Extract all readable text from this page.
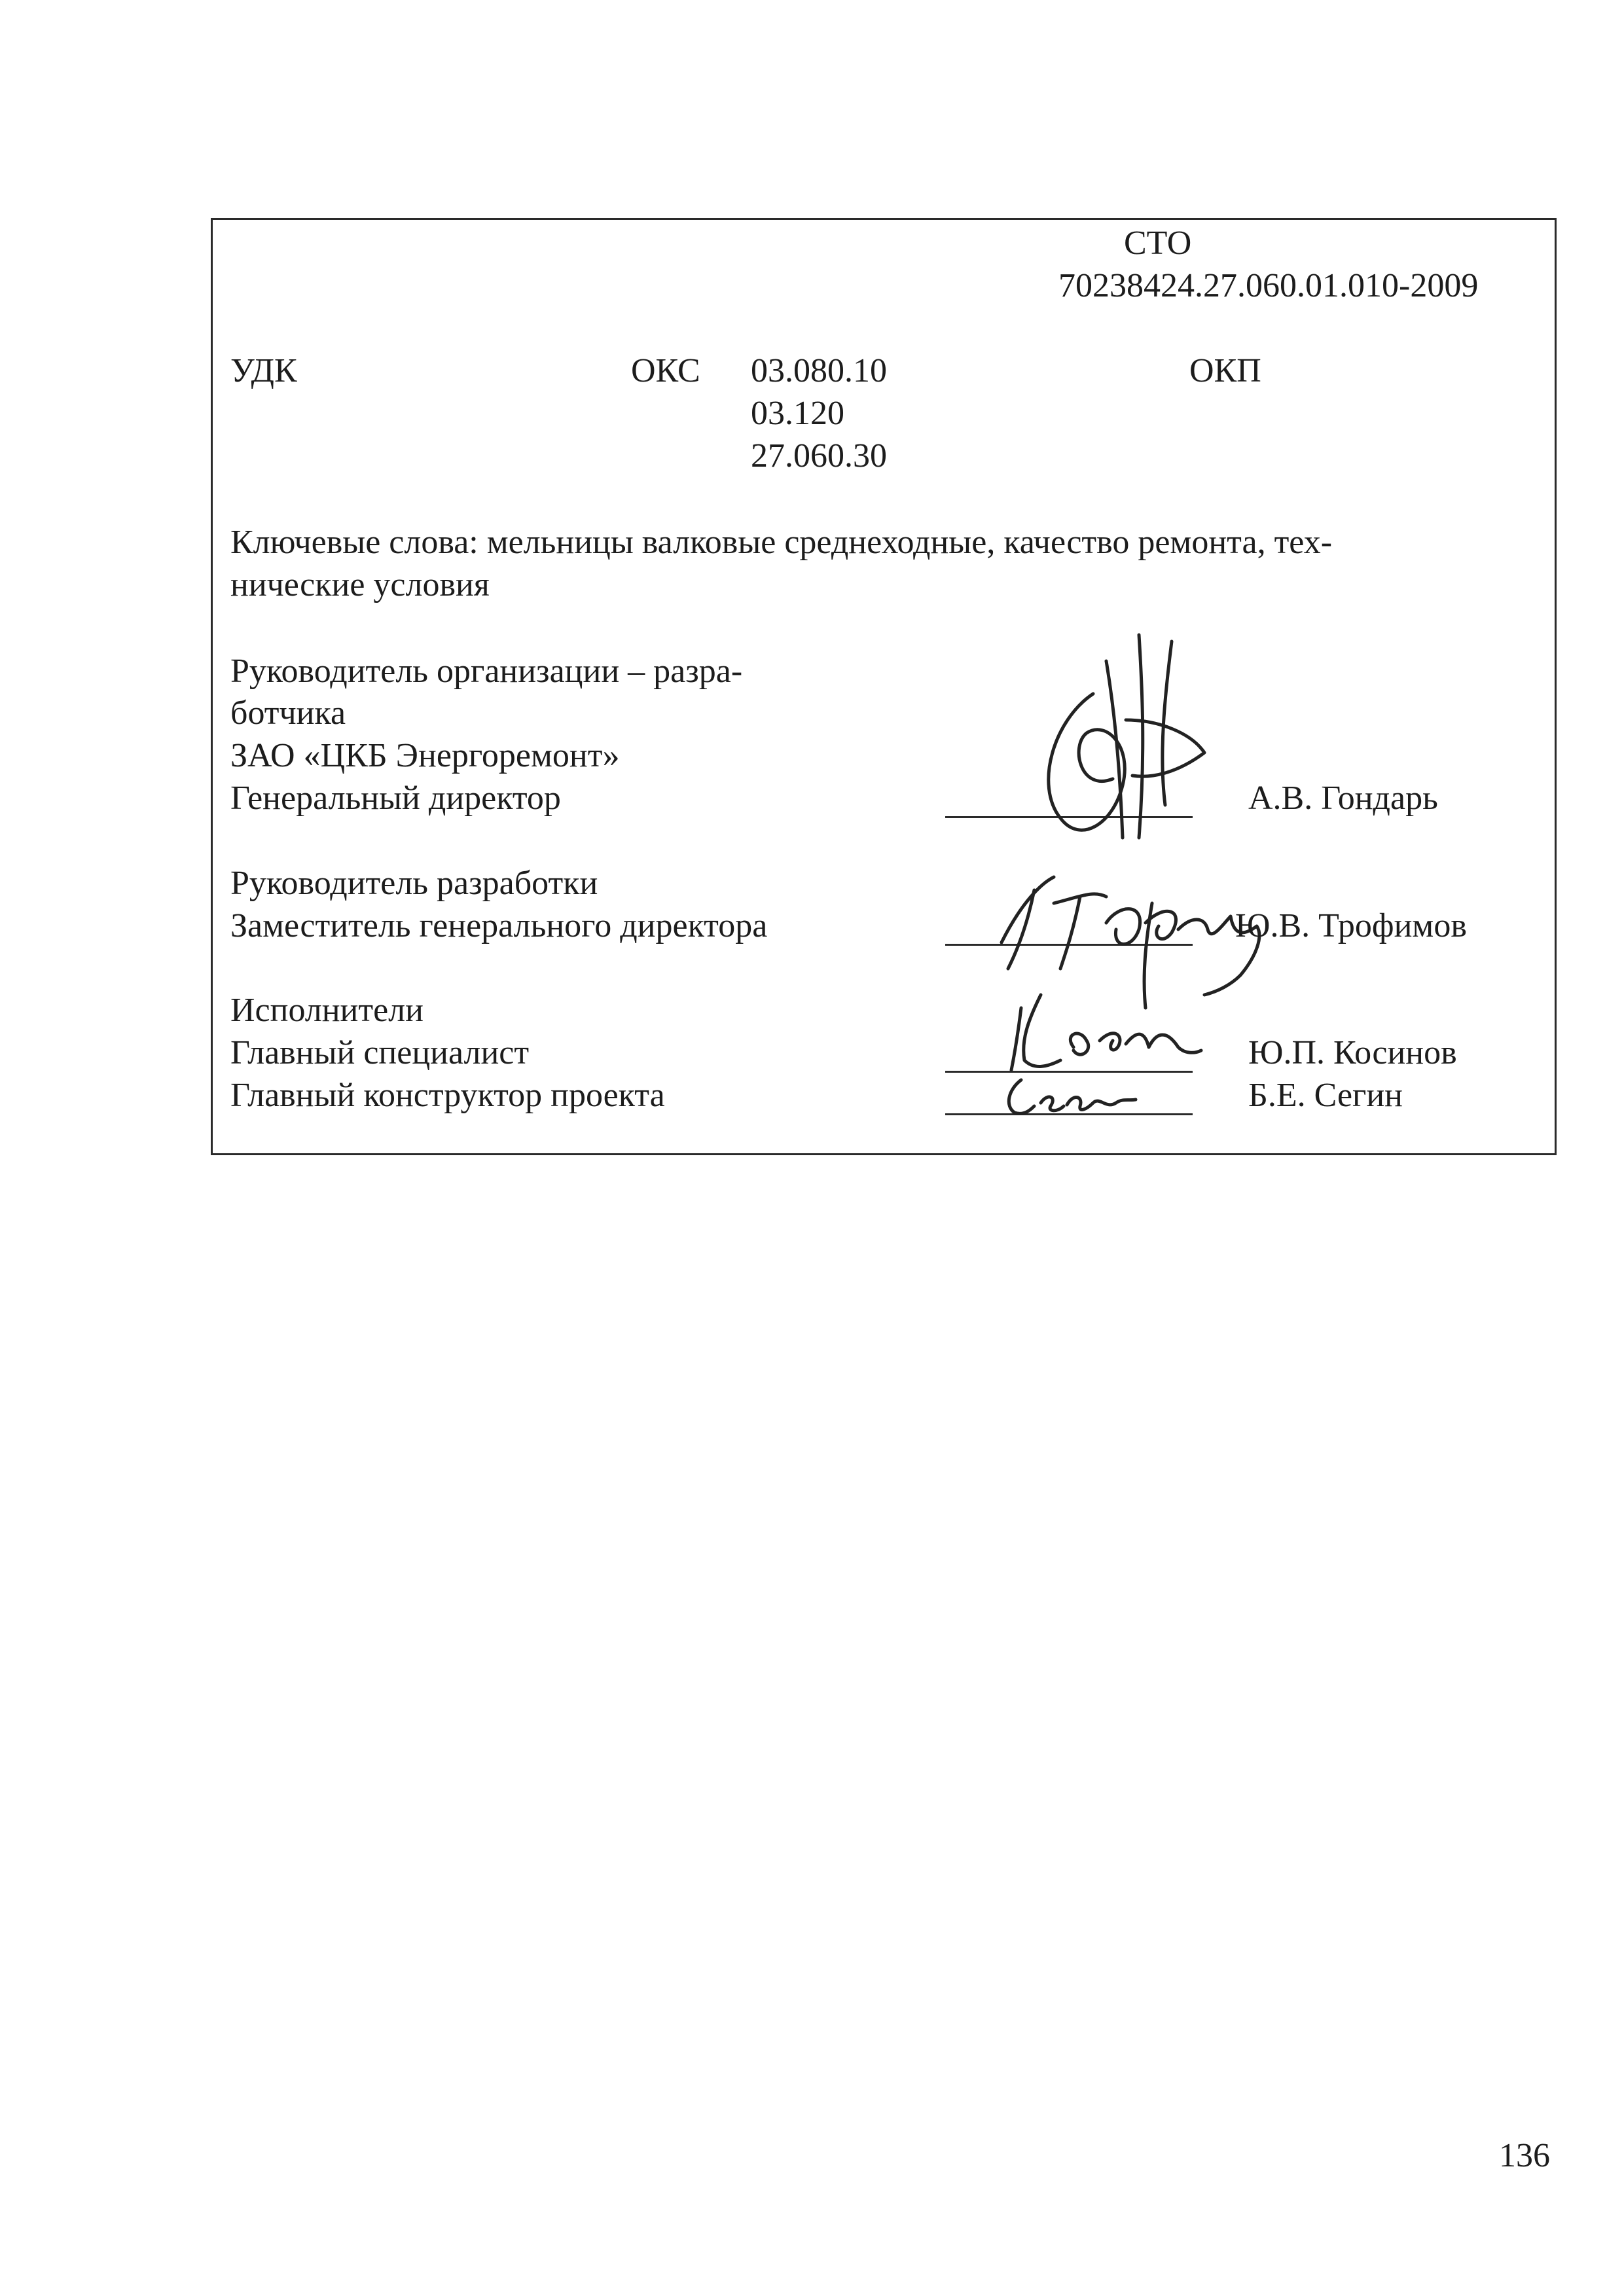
СТО
70238424.27.060.01.010-2009
УДК	ОКС 03.080.10
03.120
27.060.30
ОКП
Ключевые слова: мельницы валковые среднеходные, качество ремонта, тех-
нические условия
Руководитель организации – разра-
ботчика
ЗАО «ЦКБ Энергоремонт»
Генеральный директор	А.В. Гондарь
Руководитель разработки
Заместитель генерального директора	Ю.В. Трофимов
Исполнители
Главный специалист	Ю.П. Косинов
Главный конструктор проекта	Б.Е. Сегин
136
